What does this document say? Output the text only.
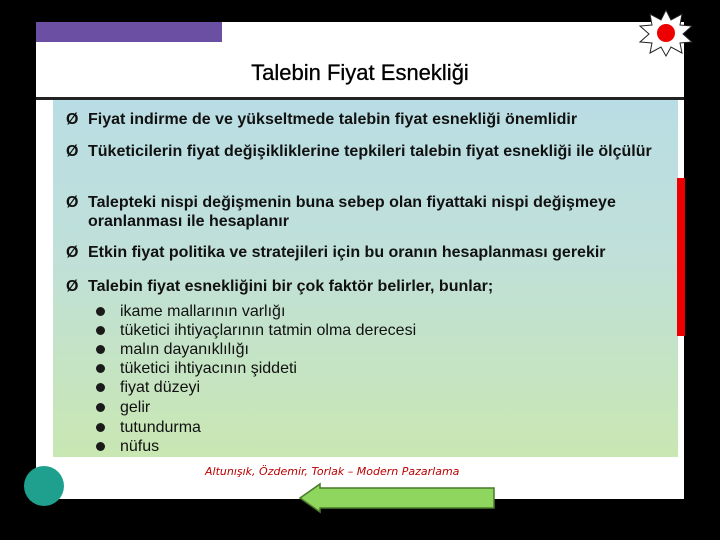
Talebin Fiyat Esnekliği
Ø Fiyat indirme de ve yükseltmede talebin fiyat esnekliği önemlidir
Ø Tüketicilerin fiyat değişikliklerine tepkileri talebin fiyat esnekliği ile ölçülür
Ø Talepteki nispi değişmenin buna sebep olan fiyattaki nispi değişmeye oranlanması ile hesaplanır
Ø Etkin fiyat politika ve stratejileri için bu oranın hesaplanması gerekir
Ø Talebin fiyat esnekliğini bir çok faktör belirler, bunlar;
ikame mallarının varlığı
tüketici ihtiyaçlarının tatmin olma derecesi
malın dayanıklılığı
tüketici ihtiyacının şiddeti
fiyat düzeyi
gelir
tutundurma
nüfus
Altunışık, Özdemir, Torlak – Modern Pazarlama
